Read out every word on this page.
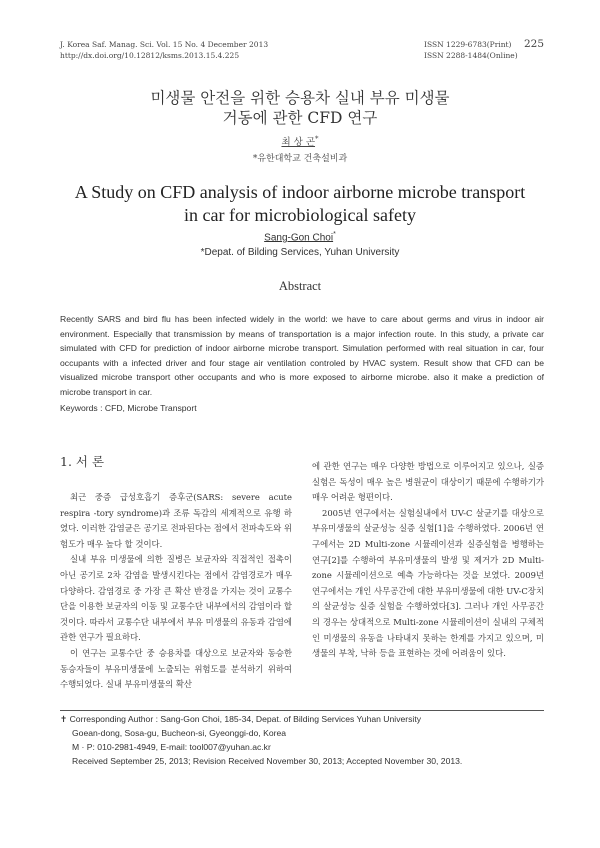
J. Korea Saf. Manag. Sci. Vol. 15 No. 4 December 2013
http://dx.doi.org/10.12812/ksms.2013.15.4.225
ISSN 1229-6783(Print)
ISSN 2288-1484(Online)
225
미생물 안전을 위한 승용차 실내 부유 미생물
거동에 관한 CFD 연구
최 상 곤*
*유한대학교 건축설비과
A Study on CFD analysis of indoor airborne microbe transport
in car for microbiological safety
Sang-Gon Choi*
*Depat. of Bilding Services, Yuhan University
Abstract
Recently SARS and bird flu has been infected widely in the world: we have to care about germs and virus in indoor air environment. Especially that transmission by means of transportation is a major infection route. In this study, a private car simulated with CFD for prediction of indoor airborne microbe transport. Simulation performed with real situation in car, four occupants with a infected driver and four stage air ventilation controled by HVAC system. Result show that CFD can be visualized microbe transport other occupants and who is more exposed to airborne microbe. also it make a prediction of microbe transport in car.
Keywords : CFD, Microbe Transport
1. 서 론

최근 중증 급성호흡기 증후군(SARS: severe acute respira -tory syndrome)과 조류 독감의 세계적으로 유행 하였다. 이러한 감염균은 공기로 전파된다는 점에서 전파속도와 위험도가 매우 높다 할 것이다.

실내 부유 미생물에 의한 질병은 보균자와 직접적인 접촉이 아닌 공기로 2차 감염을 발생시킨다는 점에서 감염경로가 매우 다양하다. 감염경로 중 가장 큰 확산 반경을 가지는 것이 교통수단을 이용한 보균자의 이동 및 교통수단 내부에서의 감염이라 할 것이다. 따라서 교통수단 내부에서 부유 미생물의 유동과 감염에 관한 연구가 필요하다.

이 연구는 교통수단 중 승용차를 대상으로 보균자와 동승한 동승자들이 부유미생물에 노출되는 위험도를 분석하기 위하여 수행되었다. 실내 부유미생물의 확산

에 관한 연구는 매우 다양한 방법으로 이루어지고 있으나, 실증 실험은 독성이 매우 높은 병원균이 대상이기 때문에 수행하기가 매우 어려운 형편이다.

2005년 연구에서는 실험실내에서 UV-C 살균기를 대상으로 부유미생물의 살균성능 실증 실험[1]을 수행하였다. 2006년 연구에서는 2D Multi-zone 시뮬레이션과 실증실험을 병행하는 연구[2]를 수행하여 부유미생물의 발생 및 제거가 2D Multi-zone 시뮬레이션으로 예측 가능하다는 것을 보였다. 2009년 연구에서는 개인 사무공간에 대한 부유미생물에 대한 UV-C장치의 살균성능 실증 실험을 수행하였다[3]. 그러나 개인 사무공간의 경우는 상대적으로 Multi-zone 시뮬레이션이 실내의 구체적인 미생물의 유동을 나타내지 못하는 한계를 가지고 있으며, 미생물의 부착, 낙하 등을 표현하는 것에 어려움이 있다.

✝ Corresponding Author : Sang-Gon Choi, 185-34, Depat. of Bilding Services Yuhan University
Goean-dong, Sosa-gu, Bucheon-si, Gyeonggi-do, Korea
M · P: 010-2981-4949, E-mail: tool007@yuhan.ac.kr
Received September 25, 2013; Revision Received November 30, 2013; Accepted November 30, 2013.
